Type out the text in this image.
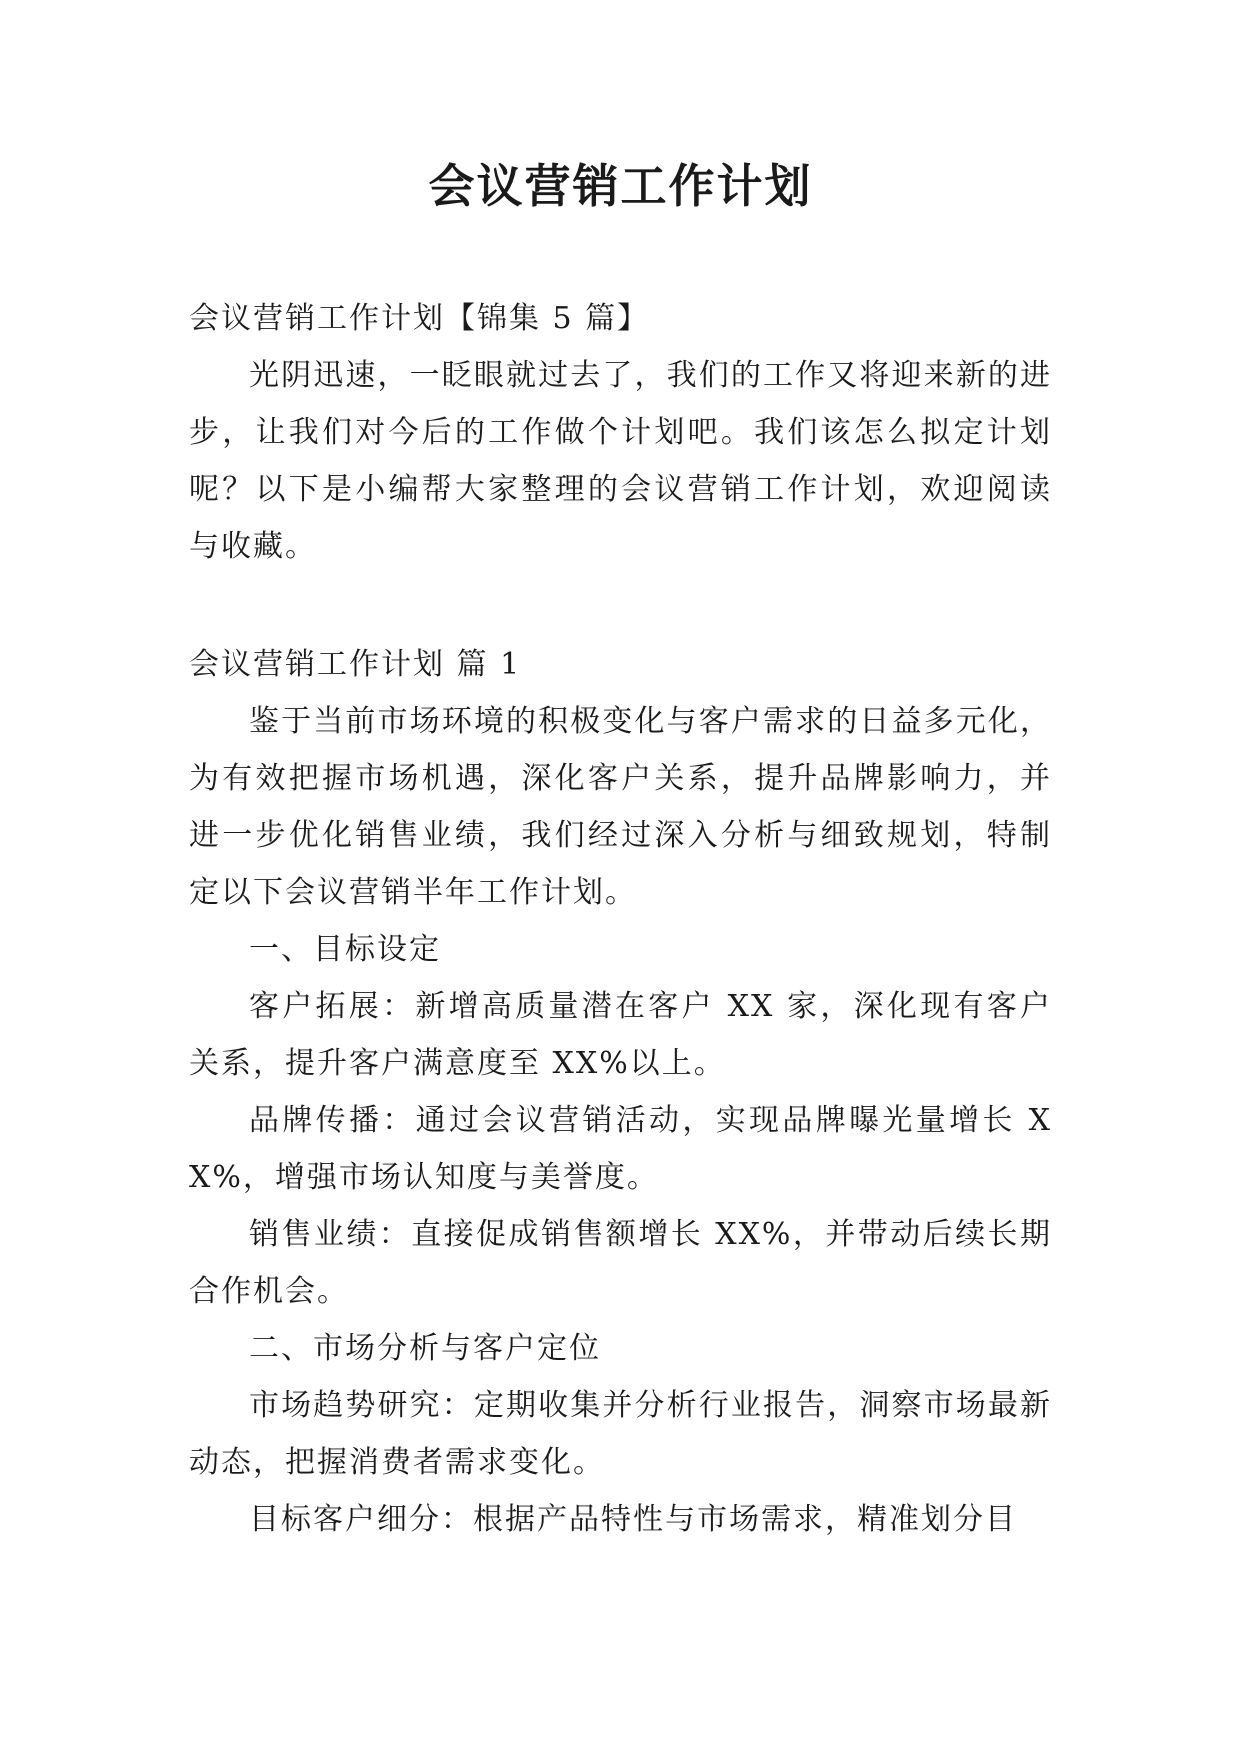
会议营销工作计划

会议营销工作计划【锦集 5 篇】

光阴迅速，一眨眼就过去了，我们的工作又将迎来新的进步，让我们对今后的工作做个计划吧。我们该怎么拟定计划呢？以下是小编帮大家整理的会议营销工作计划，欢迎阅读与收藏。

会议营销工作计划 篇 1

鉴于当前市场环境的积极变化与客户需求的日益多元化，为有效把握市场机遇，深化客户关系，提升品牌影响力，并进一步优化销售业绩，我们经过深入分析与细致规划，特制定以下会议营销半年工作计划。

一、目标设定

客户拓展：新增高质量潜在客户 XX 家，深化现有客户关系，提升客户满意度至 XX%以上。

品牌传播：通过会议营销活动，实现品牌曝光量增长 XX%，增强市场认知度与美誉度。

销售业绩：直接促成销售额增长 XX%，并带动后续长期合作机会。

二、市场分析与客户定位

市场趋势研究：定期收集并分析行业报告，洞察市场最新动态，把握消费者需求变化。

目标客户细分：根据产品特性与市场需求，精准划分目
